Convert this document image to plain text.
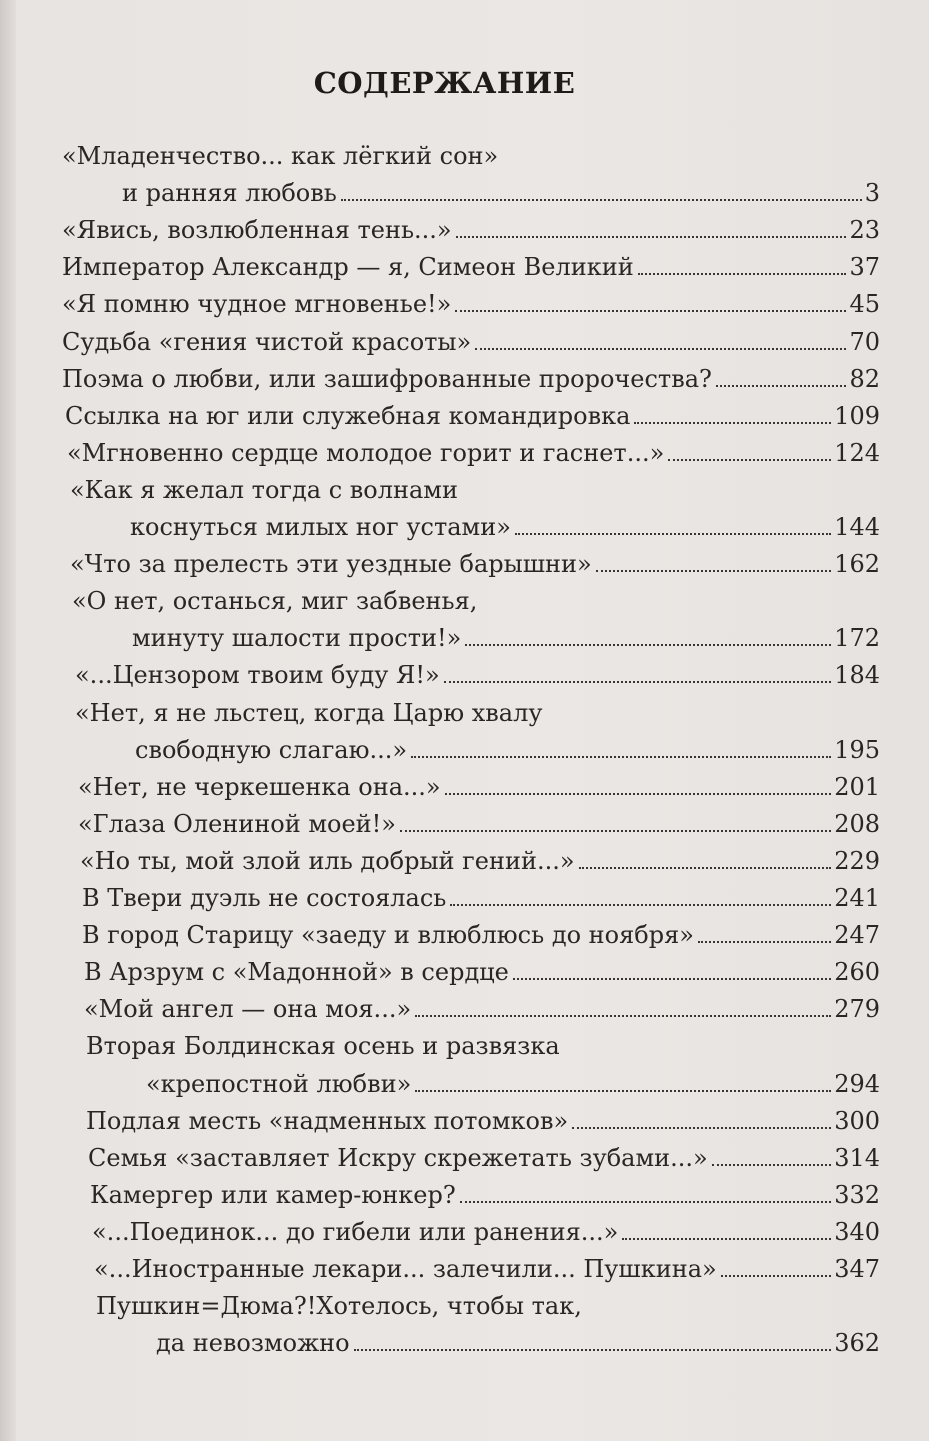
СОДЕРЖАНИЕ
«Младенчество... как лёгкий сон»
и ранняя любовь	3
«Явись, возлюбленная тень...»	23
Император Александр — я, Симеон Великий	37
«Я помню чудное мгновенье!»	45
Судьба «гения чистой красоты»	70
Поэма о любви, или зашифрованные пророчества?	82
Ссылка на юг или служебная командировка	109
«Мгновенно сердце молодое горит и гаснет...»	124
«Как я желал тогда с волнами
коснуться милых ног устами»	144
«Что за прелесть эти уездные барышни»	162
«О нет, останься, миг забвенья,
минуту шалости прости!»	172
«...Цензором твоим буду Я!»	184
«Нет, я не льстец, когда Царю хвалу
свободную слагаю...»	195
«Нет, не черкешенка она...»	201
«Глаза Олениной моей!»	208
«Но ты, мой злой иль добрый гений...»	229
В Твери дуэль не состоялась	241
В город Старицу «заеду и влюблюсь до ноября»	247
В Арзрум с «Мадонной» в сердце	260
«Мой ангел — она моя...»	279
Вторая Болдинская осень и развязка
«крепостной любви»	294
Подлая месть «надменных потомков»	300
Семья «заставляет Искру скрежетать зубами...»	314
Камергер или камер-юнкер?	332
«...Поединок... до гибели или ранения...»	340
«...Иностранные лекари... залечили... Пушкина»	347
Пушкин=Дюма?!Хотелось, чтобы так,
да невозможно	362
